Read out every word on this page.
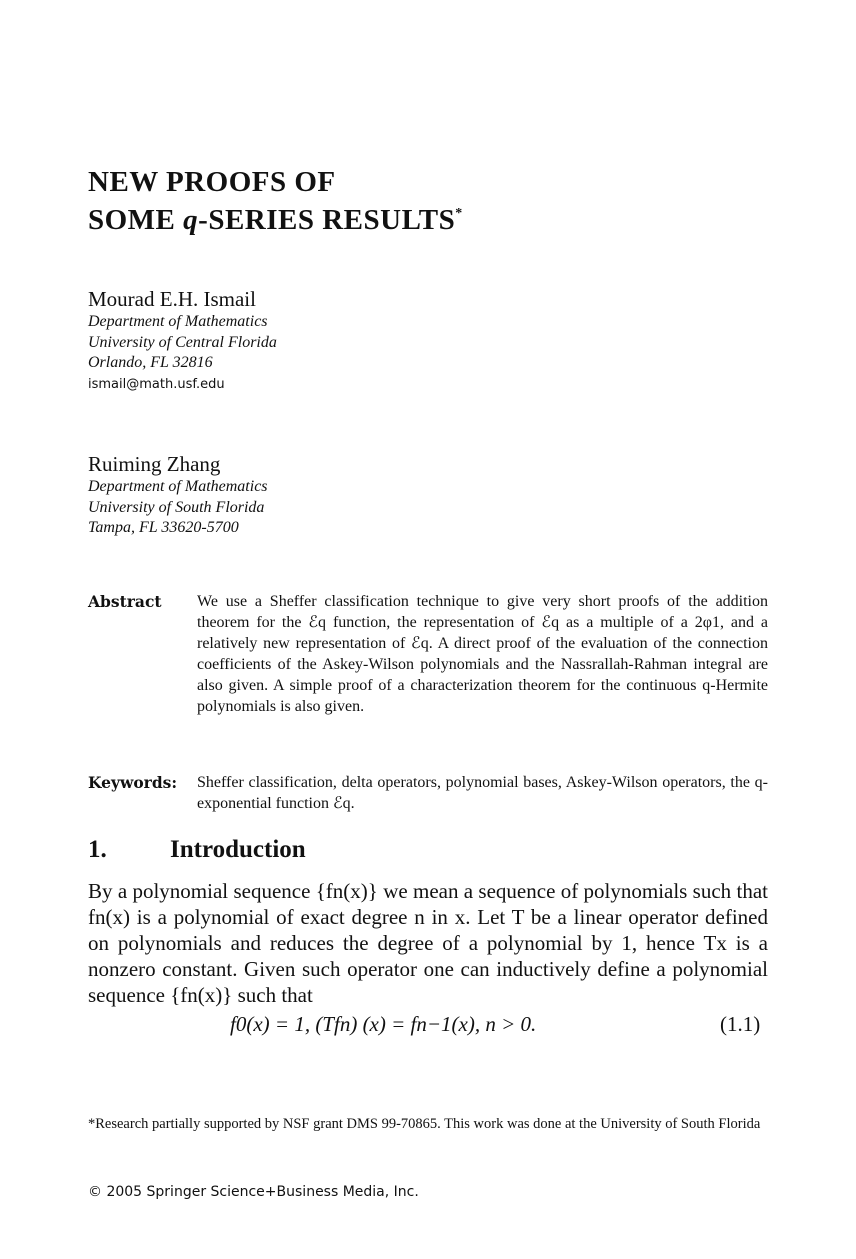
NEW PROOFS OF
SOME q-SERIES RESULTS*
Mourad E.H. Ismail
Department of Mathematics
University of Central Florida
Orlando, FL 32816
ismail@math.usf.edu
Ruiming Zhang
Department of Mathematics
University of South Florida
Tampa, FL 33620-5700
Abstract We use a Sheffer classification technique to give very short proofs of the addition theorem for the ℰq function, the representation of ℰq as a multiple of a 2φ1, and a relatively new representation of ℰq. A direct proof of the evaluation of the connection coefficients of the Askey-Wilson polynomials and the Nassrallah-Rahman integral are also given. A simple proof of a characterization theorem for the continuous q-Hermite polynomials is also given.
Keywords: Sheffer classification, delta operators, polynomial bases, Askey-Wilson operators, the q-exponential function ℰq.
1.	Introduction
By a polynomial sequence {fn(x)} we mean a sequence of polynomials such that fn(x) is a polynomial of exact degree n in x. Let T be a linear operator defined on polynomials and reduces the degree of a polynomial by 1, hence Tx is a nonzero constant. Given such operator one can inductively define a polynomial sequence {fn(x)} such that
f0(x) = 1, (Tfn) (x) = fn−1(x), n > 0.	(1.1)
*Research partially supported by NSF grant DMS 99-70865. This work was done at the University of South Florida
© 2005 Springer Science+Business Media, Inc.
